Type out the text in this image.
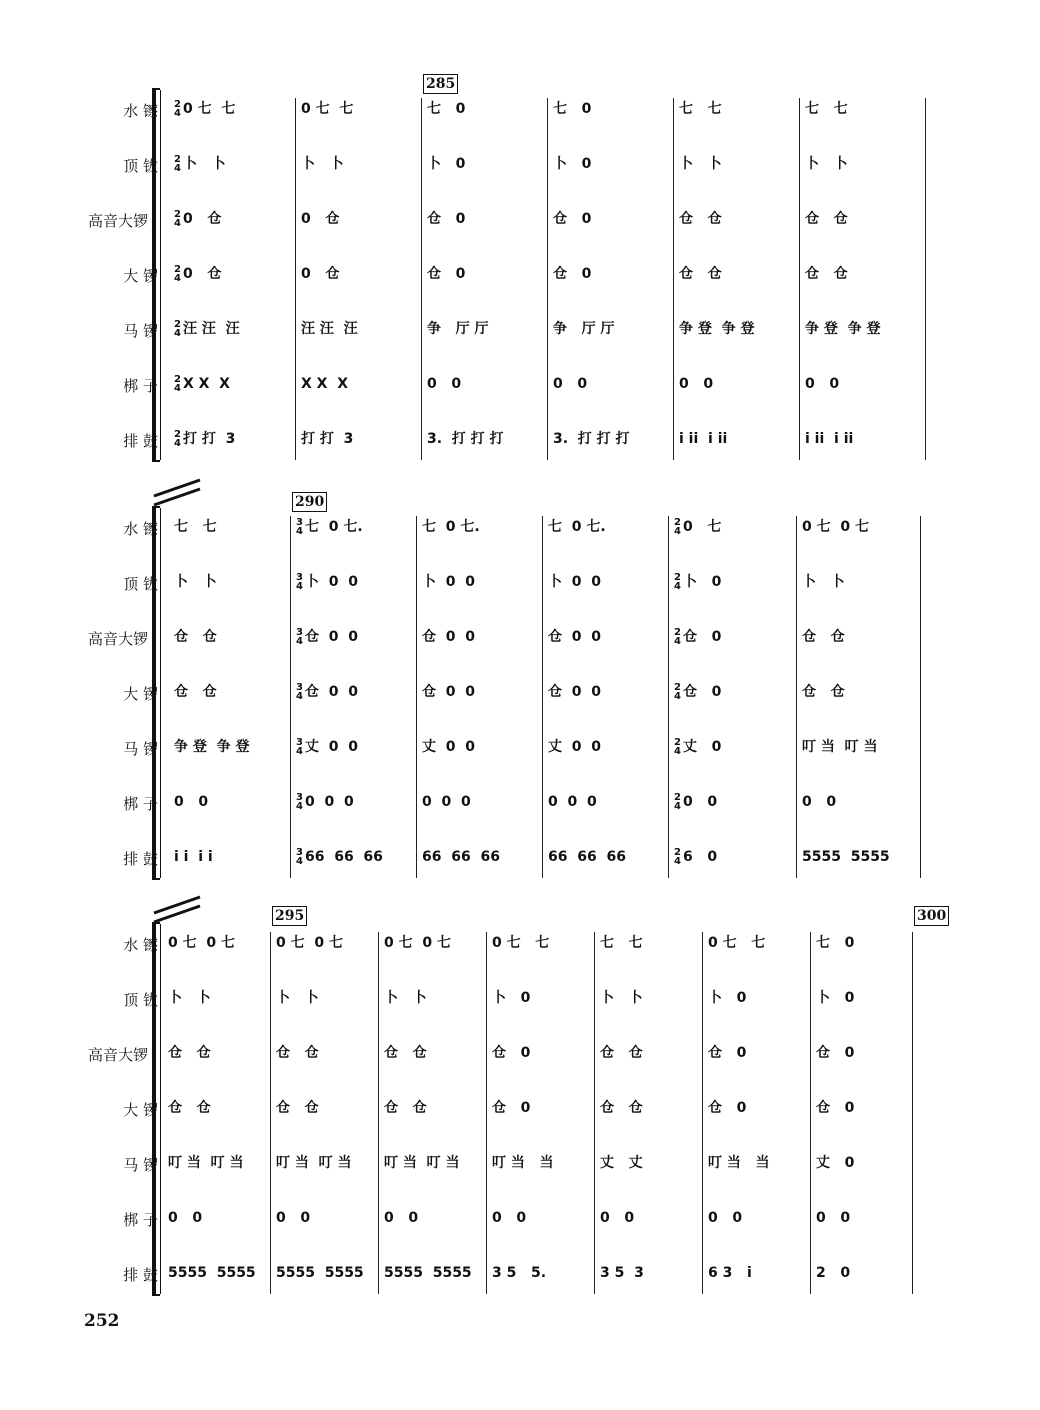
水 镲
顶 钹
高音大锣
大 锣
马 锣
梆 子
排 鼓
2
4 0 七  七
2
4 卜   卜
2
4 0   仓
2
4 0   仓
2
4 汪 汪  汪
2
4 X X  X
2
4 打 打  3
0 七  七
卜   卜
0   仓
0   仓
汪 汪  汪
X X  X
打 打  3
七   0
卜   0
仓   0
仓   0
争   厅 厅
0   0
3.  打 打 打
七   0
卜   0
仓   0
仓   0
争   厅 厅
0   0
3.  打 打 打
七   七
卜   卜
仓   仓
仓   仓
争 登  争 登
0   0
i ii  i ii
七   七
卜   卜
仓   仓
仓   仓
争 登  争 登
0   0
i ii  i ii
285
水 镲
顶 钹
高音大锣
大 锣
马 锣
梆 子
排 鼓
七   七
卜   卜
仓   仓
仓   仓
争 登  争 登
0   0
i i  i i
3
4 七  0 七.
3
4 卜  0  0
3
4 仓  0  0
3
4 仓  0  0
3
4 丈  0  0
3
4 0  0  0
3
4 66  66  66
七  0 七.
卜  0  0
仓  0  0
仓  0  0
丈  0  0
0  0  0
66  66  66
七  0 七.
卜  0  0
仓  0  0
仓  0  0
丈  0  0
0  0  0
66  66  66
2
4 0   七
2
4 卜   0
2
4 仓   0
2
4 仓   0
2
4 丈   0
2
4 0   0
2
4 6   0
0 七  0 七
卜   卜
仓   仓
仓   仓
叮 当  叮 当
0   0
5555  5555
290
水 镲
顶 钹
高音大锣
大 锣
马 锣
梆 子
排 鼓
0 七  0 七
卜   卜
仓   仓
仓   仓
叮 当  叮 当
0   0
5555  5555
0 七  0 七
卜   卜
仓   仓
仓   仓
叮 当  叮 当
0   0
5555  5555
0 七  0 七
卜   卜
仓   仓
仓   仓
叮 当  叮 当
0   0
5555  5555
0 七   七
卜   0
仓   0
仓   0
叮 当   当
0   0
3 5   5.
七   七
卜   卜
仓   仓
仓   仓
丈   丈
0   0
3 5  3
0 七   七
卜   0
仓   0
仓   0
叮 当   当
0   0
6 3   i
七   0
卜   0
仓   0
仓   0
丈   0
0   0
2   0
295	300
252
